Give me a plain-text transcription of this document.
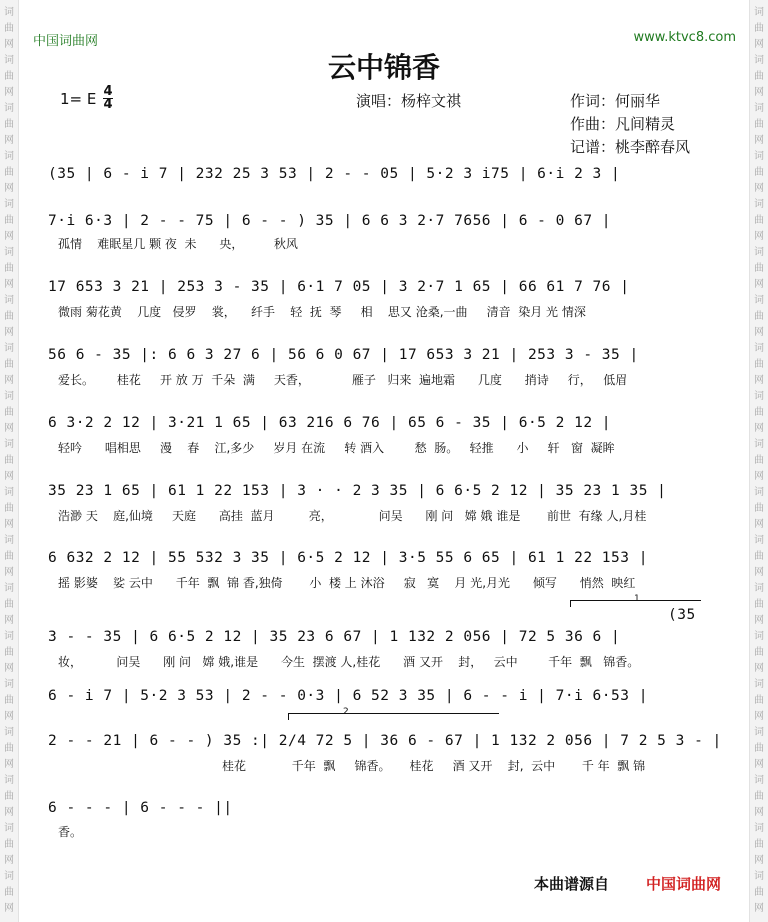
词
曲
网
词
曲
网
词
曲
网
词
曲
网
词
曲
网
词
曲
网
词
曲
网
词
曲
网
词
曲
网
词
曲
网
词
曲
网
词
曲
网
词
曲
网
词
曲
网
词
曲
网
词
曲
网
词
曲
网
词
曲
网
词
曲
网
词
曲
网
词
曲
网
词
曲
网
词
曲
网
词
曲
网
词
曲
网
词
曲
网
词
曲
网
词
曲
网
词
曲
网
词
曲
网
词
曲
网
词
曲
网
词
曲
网
词
曲
网
词
曲
网
词
曲
网
词
曲
网
词
曲
网
中国词曲网	www.ktvc8.com
云中锦香
1= E 4
4	演唱：杨梓文祺	作词：何丽华
作曲：凡间精灵
记谱：桃李醉春风
(35 | 6 - i 7 | 232 25 3 53 | 2 - - 05 | 5·2 3 i75 | 6·i 2 3 |
7·i 6·3 | 2 - - 75 | 6 - - ) 35 | 6 6 3 2·7 7656 | 6 - 0 67 |
孤情    难眠星几 颗 夜  未      央，        秋风
17 653 3 21 | 253 3 - 35 | 6·1 7 05 | 3 2·7 1 65 | 66 61 7 76 |
微雨 菊花黄    几度   侵罗    裳，    纤手    轻  抚  琴     相    思又 沧桑,一曲     清音  染月 光 情深
56 6 - 35 |: 6 6 3 27 6 | 56 6 0 67 | 17 653 3 21 | 253 3 - 35 |
爱长。      桂花     开 放 万  千朵  满     天香，           雁子   归来  遍地霜      几度      捎诗     行，   低眉
6 3·2 2 12 | 3·21 1 65 | 63 216 6 76 | 65 6 - 35 | 6·5 2 12 |
轻吟      唱相思     漫    春    江,多少     岁月 在流     转 酒入        愁  肠。   轻推      小     轩   窗  凝眸
35 23 1 65 | 61 1 22 153 | 3 · · 2 3 35 | 6 6·5 2 12 | 35 23 1 35 |
浩渺 天    庭,仙境     天庭      高挂  蓝月         亮，            问吴      刚 问   嫦 娥 谁是       前世  有缘 人,月桂
6 632 2 12 | 55 532 3 35 | 6·5 2 12 | 3·5 55 6 65 | 61 1 22 153 |
摇 影婆    娑 云中      千年  飘  锦 香,独倚       小  楼 上 沐浴     寂   寞    月 光,月光      倾写      悄然  映红
1
(35
3 - - 35 | 6 6·5 2 12 | 35 23 6 67 | 1 132 2 056 | 72 5 36 6 |
妆，         问吴      刚 问   嫦 娥,谁是      今生  摆渡 人,桂花      酒 又开    封，   云中        千年  飘   锦香。
6 - i 7 | 5·2 3 53 | 2 - - 0·3 | 6 52 3 35 | 6 - - i | 7·i 6·53 |
2
2 - - 21 | 6 - - ) 35 :| 2/4 72 5 | 36 6 - 67 | 1 132 2 056 | 7 2 5 3 - |
桂花            千年  飘     锦香。     桂花     酒 又开    封,  云中       千 年  飘 锦
6 - - - | 6 - - - ||
香。
本曲谱源自 中国词曲网
